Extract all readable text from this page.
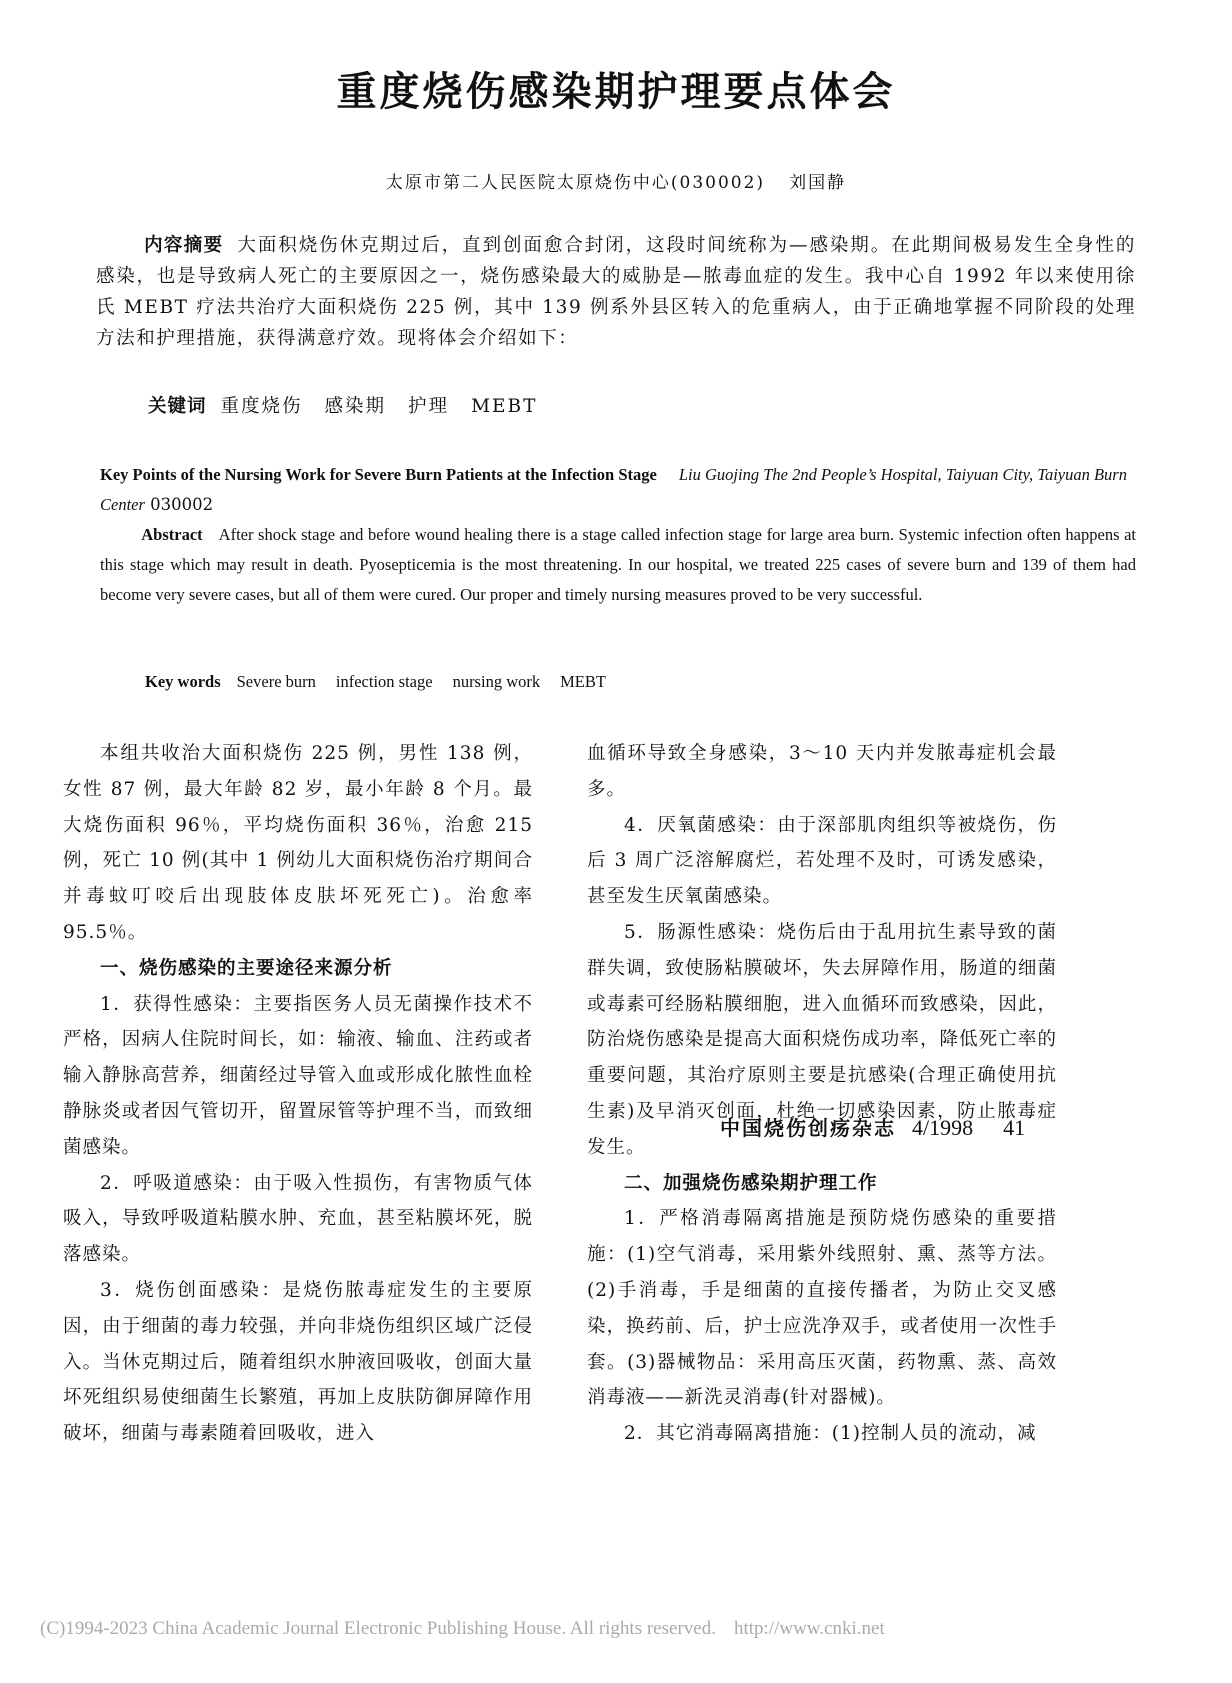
重度烧伤感染期护理要点体会
太原市第二人民医院太原烧伤中心(030002) 刘国静

内容摘要 大面积烧伤休克期过后，直到创面愈合封闭，这段时间统称为—感染期。在此期间极易发生全身性的感染，也是导致病人死亡的主要原因之一，烧伤感染最大的威胁是—脓毒血症的发生。我中心自 1992 年以来使用徐氏 MEBT 疗法共治疗大面积烧伤 225 例，其中 139 例系外县区转入的危重病人，由于正确地掌握不同阶段的处理方法和护理措施，获得满意疗效。现将体会介绍如下：

关键词 重度烧伤 感染期 护理 MEBT

Key Points of the Nursing Work for Severe Burn Patients at the Infection Stage Liu Guojing The 2nd People’s Hospital, Taiyuan City, Taiyuan Burn Center 030002

Abstract After shock stage and before wound healing there is a stage called infection stage for large area burn. Systemic infection often happens at this stage which may result in death. Pyosepticemia is the most threatening. In our hospital, we treated 225 cases of severe burn and 139 of them had become very severe cases, but all of them were cured. Our proper and timely nursing measures proved to be very successful.

Key words Severe burn infection stage nursing work MEBT

本组共收治大面积烧伤 225 例，男性 138 例，女性 87 例，最大年龄 82 岁，最小年龄 8 个月。最大烧伤面积 96％，平均烧伤面积 36％，治愈 215 例，死亡 10 例(其中 1 例幼儿大面积烧伤治疗期间合并毒蚊叮咬后出现肢体皮肤坏死死亡)。治愈率95.5％。

一、烧伤感染的主要途径来源分析

1．获得性感染：主要指医务人员无菌操作技术不严格，因病人住院时间长，如：输液、输血、注药或者输入静脉高营养，细菌经过导管入血或形成化脓性血栓静脉炎或者因气管切开，留置尿管等护理不当，而致细菌感染。

2．呼吸道感染：由于吸入性损伤，有害物质气体吸入，导致呼吸道粘膜水肿、充血，甚至粘膜坏死，脱落感染。

3．烧伤创面感染：是烧伤脓毒症发生的主要原因，由于细菌的毒力较强，并向非烧伤组织区域广泛侵入。当休克期过后，随着组织水肿液回吸收，创面大量坏死组织易使细菌生长繁殖，再加上皮肤防御屏障作用破坏，细菌与毒素随着回吸收，进入

血循环导致全身感染，3～10 天内并发脓毒症机会最多。

4．厌氧菌感染：由于深部肌肉组织等被烧伤，伤后 3 周广泛溶解腐烂，若处理不及时，可诱发感染，甚至发生厌氧菌感染。

5．肠源性感染：烧伤后由于乱用抗生素导致的菌群失调，致使肠粘膜破坏，失去屏障作用，肠道的细菌或毒素可经肠粘膜细胞，进入血循环而致感染，因此，防治烧伤感染是提高大面积烧伤成功率，降低死亡率的重要问题，其治疗原则主要是抗感染(合理正确使用抗生素)及早消灭创面，杜绝一切感染因素，防止脓毒症发生。

二、加强烧伤感染期护理工作

1．严格消毒隔离措施是预防烧伤感染的重要措施：(1)空气消毒，采用紫外线照射、熏、蒸等方法。(2)手消毒，手是细菌的直接传播者，为防止交叉感染，换药前、后，护士应洗净双手，或者使用一次性手套。(3)器械物品：采用高压灭菌，药物熏、蒸、高效消毒液——新洗灵消毒(针对器械)。

2．其它消毒隔离措施：(1)控制人员的流动，减

中国烧伤创疡杂志 4/1998 41

(C)1994-2023 China Academic Journal Electronic Publishing House. All rights reserved. http://www.cnki.net
